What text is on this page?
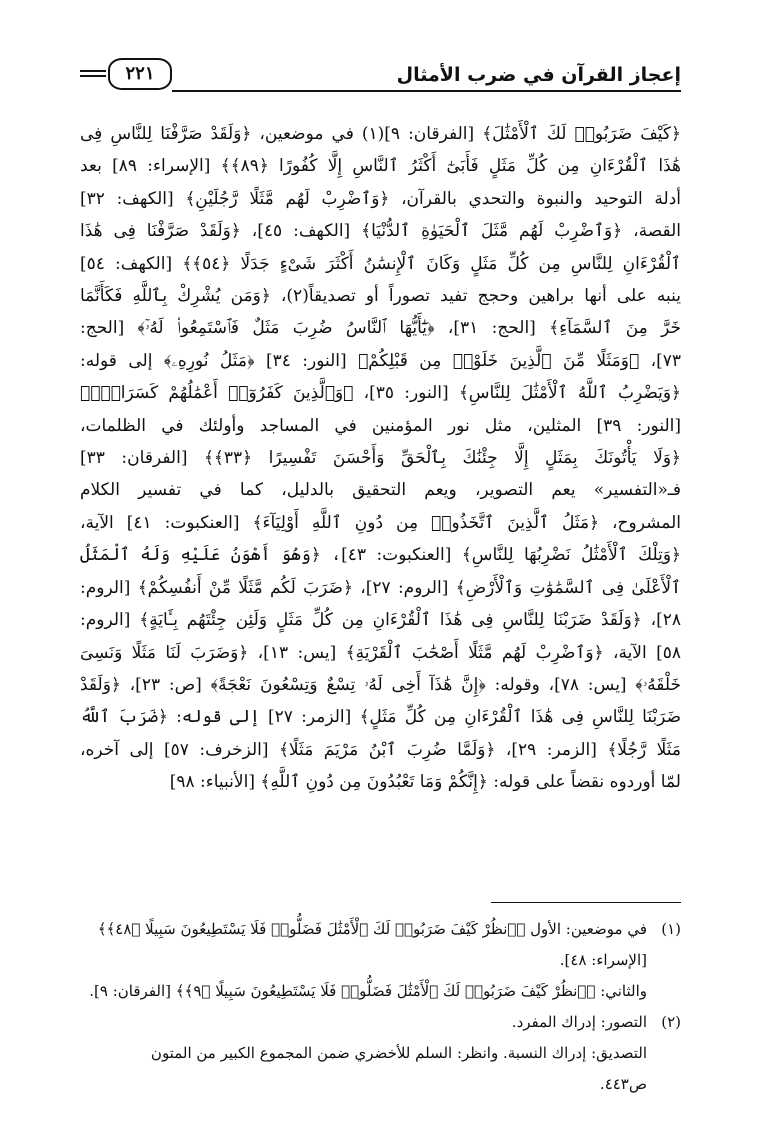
إعجاز القرآن في ضرب الأمثال
٢٢١

﴿كَيْفَ ضَرَبُوا۟ لَكَ ٱلْأَمْثَٰلَ﴾ [الفرقان: ٩](١) في موضعين، ﴿وَلَقَدْ صَرَّفْنَا لِلنَّاسِ فِى

هَٰذَا ٱلْقُرْءَانِ مِن كُلِّ مَثَلٍ فَأَبَىٰٓ أَكْثَرُ ٱلنَّاسِ إِلَّا كُفُورًا ﴿٨٩﴾﴾ [الإسراء: ٨٩] بعد

أدلة التوحيد والنبوة والتحدي بالقرآن، ﴿وَٱضْرِبْ لَهُم مَّثَلًا رَّجُلَيْنِ﴾ [الكهف: ٣٢]

القصة، ﴿وَٱضْرِبْ لَهُم مَّثَلَ ٱلْحَيَوٰةِ ٱلدُّنْيَا﴾ [الكهف: ٤٥]، ﴿وَلَقَدْ صَرَّفْنَا فِى هَٰذَا

ٱلْقُرْءَانِ لِلنَّاسِ مِن كُلِّ مَثَلٍ وَكَانَ ٱلْإِنسَٰنُ أَكْثَرَ شَىْءٍ جَدَلًا ﴿٥٤﴾﴾ [الكهف: ٥٤]

ينبه على أنها براهين وحجج تفيد تصوراً أو تصديقاً(٢)، ﴿وَمَن يُشْرِكْ بِٱللَّهِ فَكَأَنَّمَا

خَرَّ مِنَ ٱلسَّمَآءِ﴾ [الحج: ٣١]، ﴿يَٰٓأَيُّهَا ٱلنَّاسُ ضُرِبَ مَثَلٌ فَٱسْتَمِعُوا۟ لَهُۥٓ﴾ [الحج:

٧٣]، ﴿وَمَثَلًا مِّنَ ٱلَّذِينَ خَلَوْا۟ مِن قَبْلِكُمْ﴾ [النور: ٣٤] ﴿مَثَلُ نُورِهِۦ﴾ إلى قوله:

﴿وَيَضْرِبُ ٱللَّهُ ٱلْأَمْثَٰلَ لِلنَّاسِ﴾ [النور: ٣٥]، ﴿وَٱلَّذِينَ كَفَرُوٓا۟ أَعْمَٰلُهُمْ كَسَرَابٍۭ﴾

[النور: ٣٩] المثلين، مثل نور المؤمنين في المساجد وأولئك في الظلمات،

﴿وَلَا يَأْتُونَكَ بِمَثَلٍ إِلَّا جِئْنَٰكَ بِٱلْحَقِّ وَأَحْسَنَ تَفْسِيرًا ﴿٣٣﴾﴾ [الفرقان: ٣٣]

فـ«التفسير» يعم التصوير، ويعم التحقيق بالدليل، كما في تفسير الكلام

المشروح، ﴿مَثَلُ ٱلَّذِينَ ٱتَّخَذُوا۟ مِن دُونِ ٱللَّهِ أَوْلِيَآءَ﴾ [العنكبوت: ٤١] الآية،

﴿وَتِلْكَ ٱلْأَمْثَٰلُ نَضْرِبُهَا لِلنَّاسِ﴾ [العنكبوت: ٤٣]، ﴿وَهُوَ أَهْوَنُ عَلَيْهِ وَلَهُ ٱلْمَثَلُ

ٱلْأَعْلَىٰ فِى ٱلسَّمَٰوَٰتِ وَٱلْأَرْضِ﴾ [الروم: ٢٧]، ﴿ضَرَبَ لَكُم مَّثَلًا مِّنْ أَنفُسِكُمْ﴾ [الروم:

٢٨]، ﴿وَلَقَدْ ضَرَبْنَا لِلنَّاسِ فِى هَٰذَا ٱلْقُرْءَانِ مِن كُلِّ مَثَلٍ وَلَئِن جِئْتَهُم بِـَٔايَةٍ﴾ [الروم:

٥٨] الآية، ﴿وَٱضْرِبْ لَهُم مَّثَلًا أَصْحَٰبَ ٱلْقَرْيَةِ﴾ [يس: ١٣]، ﴿وَضَرَبَ لَنَا مَثَلًا وَنَسِىَ

خَلْقَهُۥ﴾ [يس: ٧٨]، وقوله: ﴿إِنَّ هَٰذَآ أَخِى لَهُۥ تِسْعٌ وَتِسْعُونَ نَعْجَةً﴾ [ص: ٢٣]، ﴿وَلَقَدْ

ضَرَبْنَا لِلنَّاسِ فِى هَٰذَا ٱلْقُرْءَانِ مِن كُلِّ مَثَلٍ﴾ [الزمر: ٢٧] إلى قوله: ﴿ضَرَبَ ٱللَّهُ

مَثَلًا رَّجُلًا﴾ [الزمر: ٢٩]، ﴿وَلَمَّا ضُرِبَ ٱبْنُ مَرْيَمَ مَثَلًا﴾ [الزخرف: ٥٧] إلى آخره،

لمّا أوردوه نقضاً على قوله: ﴿إِنَّكُمْ وَمَا تَعْبُدُونَ مِن دُونِ ٱللَّهِ﴾ [الأنبياء: ٩٨]

(١)
في موضعين: الأول ﴿ٱنظُرْ كَيْفَ ضَرَبُوا۟ لَكَ ٱلْأَمْثَٰلَ فَضَلُّوا۟ فَلَا يَسْتَطِيعُونَ سَبِيلًا ﴿٤٨﴾﴾ [الإسراء: ٤٨].
والثاني: ﴿ٱنظُرْ كَيْفَ ضَرَبُوا۟ لَكَ ٱلْأَمْثَٰلَ فَضَلُّوا۟ فَلَا يَسْتَطِيعُونَ سَبِيلًا ﴿٩﴾﴾ [الفرقان: ٩].
(٢)
التصور: إدراك المفرد.
التصديق: إدراك النسبة. وانظر: السلم للأخضري ضمن المجموع الكبير من المتون
ص٤٤٣.
